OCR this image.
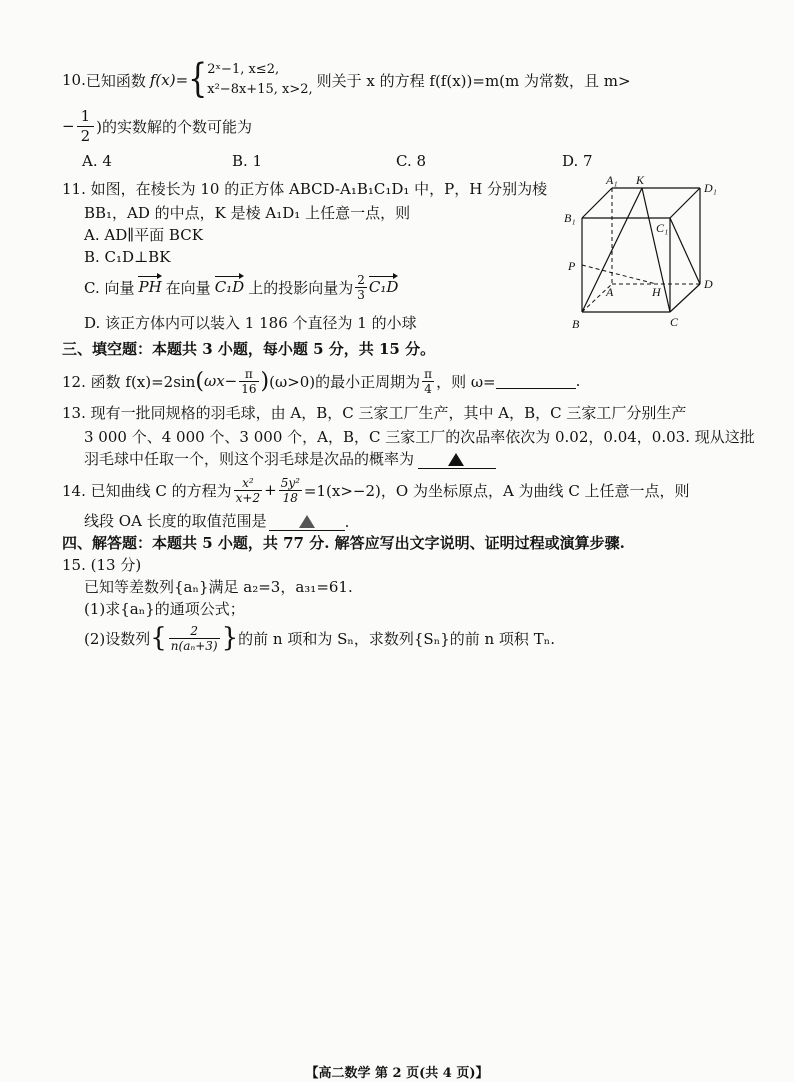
10. 已知函数 f(x)= { 2ˣ−1, x≤2,
x²−8x+15, x>2, 则关于 x 的方程 f(f(x))=m(m 为常数，且 m>
− $\frac{1}{2}$ )的实数解的个数可能为
A. 4	B. 1	C. 8	D. 7
11. 如图，在棱长为 10 的正方体 ABCD-A₁B₁C₁D₁ 中，P，H 分别为棱
BB₁，AD 的中点，K 是棱 A₁D₁ 上任意一点，则
A. AD∥平面 BCK
B. C₁D⊥BK
C. 向量 PH 在向量 C₁D 上的投影向量为 $\frac{2}{3} C_1D$
D. 该正方体内可以装入 1 186 个直径为 1 的小球
A₁ K
D₁
B₁
C₁
P
A	H
D
B	C
三、填空题：本题共 3 小题，每小题 5 分，共 15 分。
12. 函数 f(x)=2sin ( $\omega x- \frac{\pi}{16}$ ) (ω>0)的最小正周期为 $\frac{\pi}{4}$ ，则 ω=	.
13. 现有一批同规格的羽毛球，由 A，B，C 三家工厂生产，其中 A，B，C 三家工厂分别生产
3 000 个、4 000 个、3 000 个，A，B，C 三家工厂的次品率依次为 0.02，0.04，0.03. 现从这批
羽毛球中任取一个，则这个羽毛球是次品的概率为
14. 已知曲线 C 的方程为 $\frac{\text{x²}}{x+2} + \frac{\text{5y²}}{18} =1(x>-2)$，O 为坐标原点，A 为曲线 C 上任意一点，则
线段 OA 长度的取值范围是	.
四、解答题：本题共 5 小题，共 77 分. 解答应写出文字说明、证明过程或演算步骤.
15. (13 分)
已知等差数列{aₙ}满足 a₂=3，a₃₁=61.
(1)求{aₙ}的通项公式；
(2)设数列 { $\frac{2}{\text{n(aₙ+3)}}$ } 的前 n 项和为 Sₙ，求数列{Sₙ}的前 n 项积 Tₙ.
【高二数学 第 2 页(共 4 页)】
